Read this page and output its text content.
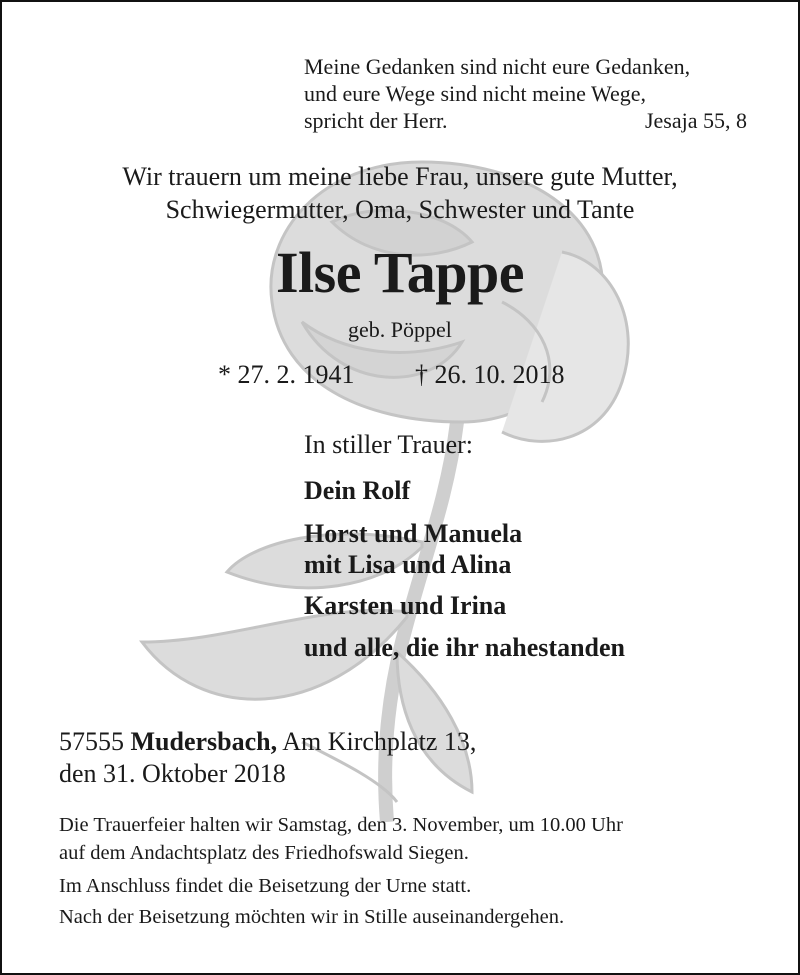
Meine Gedanken sind nicht eure Gedanken,
und eure Wege sind nicht meine Wege,
spricht der Herr.	Jesaja 55, 8
Wir trauern um meine liebe Frau, unsere gute Mutter,
Schwiegermutter, Oma, Schwester und Tante
Ilse Tappe
geb. Pöppel
* 27. 2. 1941 † 26. 10. 2018
In stiller Trauer:
Dein Rolf
Horst und Manuela
mit Lisa und Alina
Karsten und Irina
und alle, die ihr nahestanden
57555 Mudersbach, Am Kirchplatz 13,
den 31. Oktober 2018
Die Trauerfeier halten wir Samstag, den 3. November, um 10.00 Uhr
auf dem Andachtsplatz des Friedhofswald Siegen.
Im Anschluss findet die Beisetzung der Urne statt.
Nach der Beisetzung möchten wir in Stille auseinandergehen.
